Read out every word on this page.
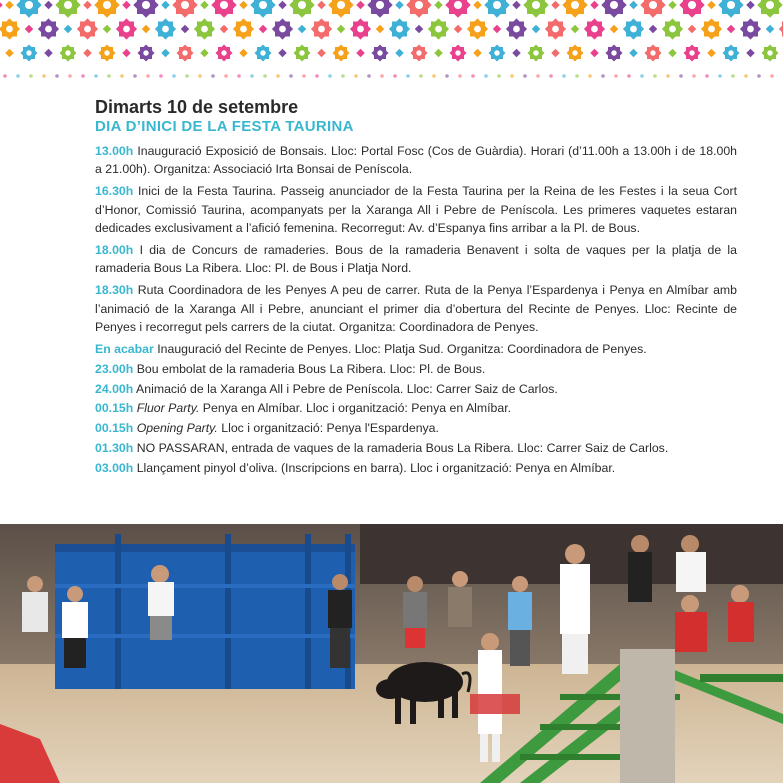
Dimarts 10 de setembre
DIA D’INICI DE LA FESTA TAURINA

13.00h Inauguració Exposició de Bonsais. Lloc: Portal Fosc (Cos de Guàrdia). Horari (d’11.00h a 13.00h i de 18.00h a 21.00h). Organitza: Associació Irta Bonsai de Peníscola.

16.30h Inici de la Festa Taurina. Passeig anunciador de la Festa Taurina per la Reina de les Festes i la seua Cort d’Honor, Comissió Taurina, acompanyats per la Xaranga All i Pebre de Peníscola. Les primeres vaquetes estaran dedicades exclusivament a l’afició femenina. Recorregut: Av. d’Espanya fins arribar a la Pl. de Bous.

18.00h I dia de Concurs de ramaderies. Bous de la ramaderia Benavent i solta de vaques per la platja de la ramaderia Bous La Ribera. Lloc: Pl. de Bous i Platja Nord.

18.30h Ruta Coordinadora de les Penyes A peu de carrer. Ruta de la Penya l’Espardenya i Penya en Almíbar amb l’animació de la Xaranga All i Pebre, anunciant el primer dia d’obertura del Recinte de Penyes. Lloc: Recinte de Penyes i recorregut pels carrers de la ciutat. Organitza: Coordinadora de Penyes.

En acabar Inauguració del Recinte de Penyes. Lloc: Platja Sud. Organitza: Coordinadora de Penyes.

23.00h Bou embolat de la ramaderia Bous La Ribera. Lloc: Pl. de Bous.

24.00h Animació de la Xaranga All i Pebre de Peníscola. Lloc: Carrer Saiz de Carlos.

00.15h Fluor Party. Penya en Almíbar. Lloc i organització: Penya en Almíbar.

00.15h Opening Party. Lloc i organització: Penya l'Espardenya.

01.30h NO PASSARAN, entrada de vaques de la ramaderia Bous La Ribera. Lloc: Carrer Saiz de Carlos.

03.00h Llançament pinyol d’oliva. (Inscripcions en barra). Lloc i organització: Penya en Almíbar.
